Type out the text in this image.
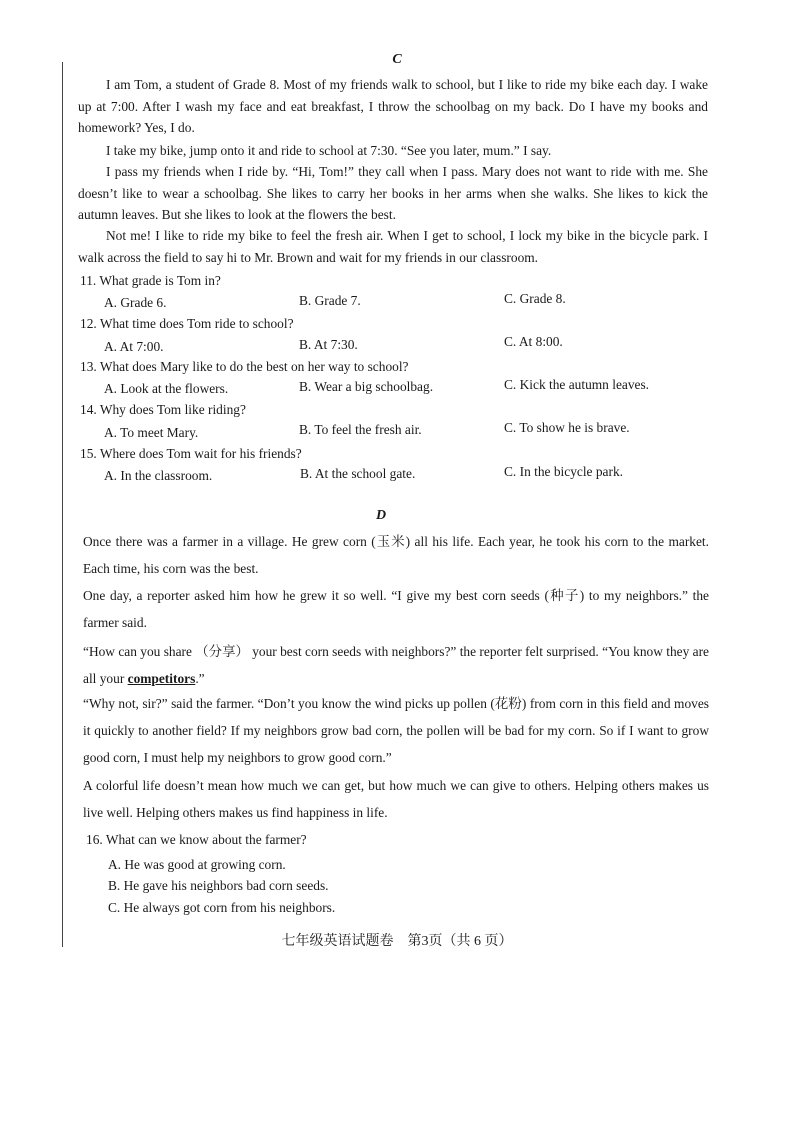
C
I am Tom, a student of Grade 8. Most of my friends walk to school, but I like to ride my bike each day. I wake up at 7:00. After I wash my face and eat breakfast, I throw the schoolbag on my back. Do I have my books and homework? Yes, I do.
I take my bike, jump onto it and ride to school at 7:30. “See you later, mum.” I say.
I pass my friends when I ride by. “Hi, Tom!” they call when I pass. Mary does not want to ride with me. She doesn’t like to wear a schoolbag. She likes to carry her books in her arms when she walks. She likes to kick the autumn leaves. But she likes to look at the flowers the best.
Not me! I like to ride my bike to feel the fresh air. When I get to school, I lock my bike in the bicycle park. I walk across the field to say hi to Mr. Brown and wait for my friends in our classroom.
11. What grade is Tom in?
A. Grade 6.	B. Grade 7.	C. Grade 8.
12. What time does Tom ride to school?
A. At 7:00.	B. At 7:30.	C. At 8:00.
13. What does Mary like to do the best on her way to school?
A. Look at the flowers.	B. Wear a big schoolbag.	C. Kick the autumn leaves.
14. Why does Tom like riding?
A. To meet Mary.	B. To feel the fresh air.	C. To show he is brave.
15. Where does Tom wait for his friends?
A. In the classroom.	B. At the school gate.	C. In the bicycle park.
D
Once there was a farmer in a village. He grew corn (玉米) all his life. Each year, he took his corn to the market. Each time, his corn was the best.
One day, a reporter asked him how he grew it so well. “I give my best corn seeds (种子) to my neighbors.” the farmer said.
“How can you share （分享） your best corn seeds with neighbors?” the reporter felt surprised. “You know they are all your competitors.”
“Why not, sir?” said the farmer. “Don’t you know the wind picks up pollen (花粉) from corn in this field and moves it quickly to another field? If my neighbors grow bad corn, the pollen will be bad for my corn. So if I want to grow good corn, I must help my neighbors to grow good corn.”
A colorful life doesn’t mean how much we can get, but how much we can give to others. Helping others makes us live well. Helping others makes us find happiness in life.
16. What can we know about the farmer?
A. He was good at growing corn.
B. He gave his neighbors bad corn seeds.
C. He always got corn from his neighbors.
七年级英语试题卷　第3页（共 6 页）
